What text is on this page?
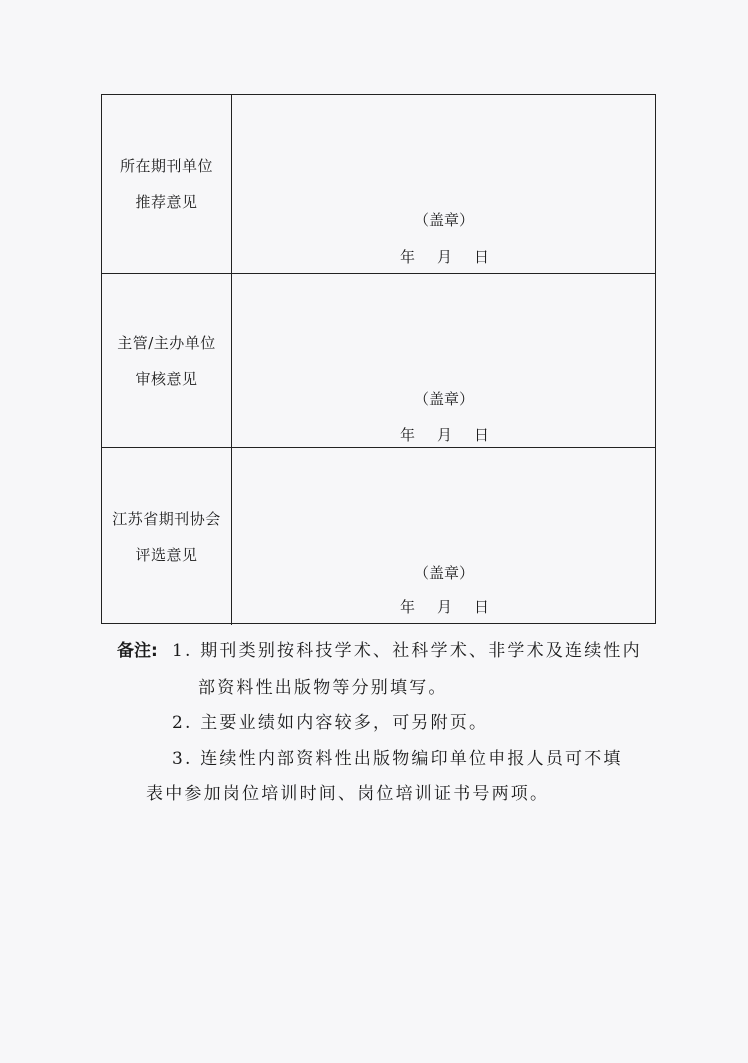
所在期刊单位
推荐意见
（盖章）
年 月 日
主管/主办单位
审核意见
（盖章）
年 月 日
江苏省期刊协会
评选意见
（盖章）
年 月 日
备注: 1. 期刊类别按科技学术、社科学术、非学术及连续性内
部资料性出版物等分别填写。
2. 主要业绩如内容较多，可另附页。
3. 连续性内部资料性出版物编印单位申报人员可不填
表中参加岗位培训时间、岗位培训证书号两项。
